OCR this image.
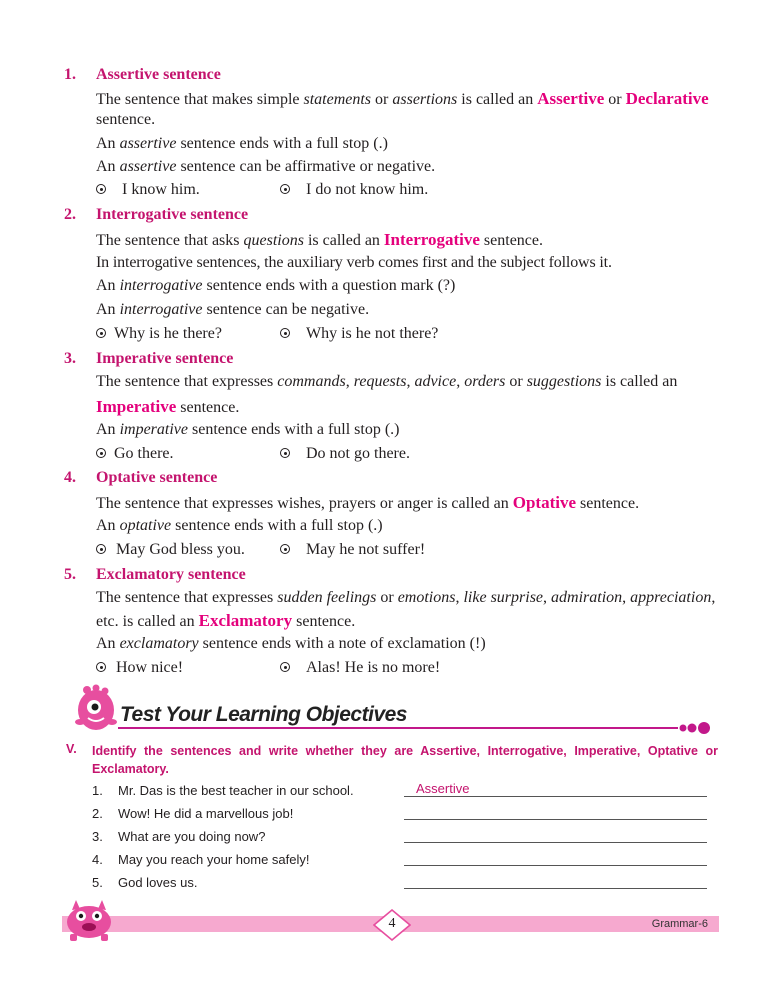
1. Assertive sentence
The sentence that makes simple statements or assertions is called an Assertive or Declarative
sentence.
An assertive sentence ends with a full stop (.)
An assertive sentence can be affirmative or negative.
I know him.	I do not know him.
2. Interrogative sentence
The sentence that asks questions is called an Interrogative sentence.
In interrogative sentences, the auxiliary verb comes first and the subject follows it.
An interrogative sentence ends with a question mark (?)
An interrogative sentence can be negative.
Why is he there?	Why is he not there?
3. Imperative sentence
The sentence that expresses commands, requests, advice, orders or suggestions is called an
Imperative sentence.
An imperative sentence ends with a full stop (.)
Go there.	Do not go there.
4. Optative sentence
The sentence that expresses wishes, prayers or anger is called an Optative sentence.
An optative sentence ends with a full stop (.)
May God bless you.	May he not suffer!
5. Exclamatory sentence
The sentence that expresses sudden feelings or emotions, like surprise, admiration, appreciation,
etc. is called an Exclamatory sentence.
An exclamatory sentence ends with a note of exclamation (!)
How nice!	Alas! He is no more!
Test Your Learning Objectives
V. Identify the sentences and write whether they are Assertive, Interrogative, Imperative, Optative or Exclamatory.
1. Mr. Das is the best teacher in our school.	Assertive
2. Wow! He did a marvellous job!
3. What are you doing now?
4. May you reach your home safely!
5. God loves us.
4	Grammar-6
